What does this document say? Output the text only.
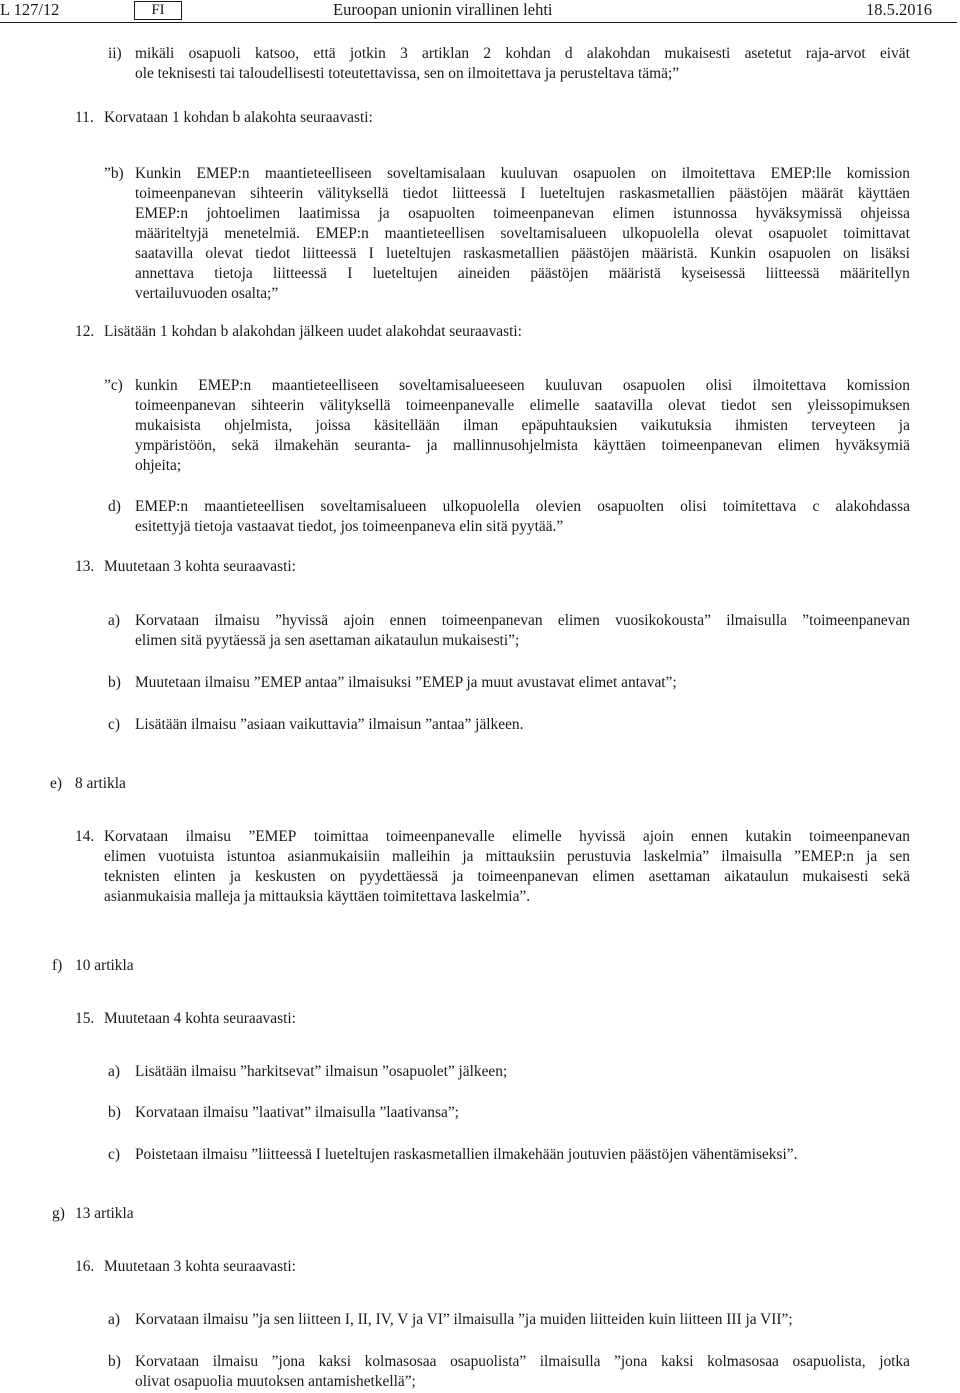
L 127/12	FI	Euroopan unionin virallinen lehti	18.5.2016
ii) mikäli osapuoli katsoo, että jotkin 3 artiklan 2 kohdan d alakohdan mukaisesti asetetut raja-arvot eivät
ole teknisesti tai taloudellisesti toteutettavissa, sen on ilmoitettava ja perusteltava tämä;”
11. Korvataan 1 kohdan b alakohta seuraavasti:
”b) Kunkin EMEP:n maantieteelliseen soveltamisalaan kuuluvan osapuolen on ilmoitettava EMEP:lle komission
toimeenpanevan sihteerin välityksellä tiedot liitteessä I lueteltujen raskasmetallien päästöjen määrät käyttäen
EMEP:n johtoelimen laatimissa ja osapuolten toimeenpanevan elimen istunnossa hyväksymissä ohjeissa
määriteltyjä menetelmiä. EMEP:n maantieteellisen soveltamisalueen ulkopuolella olevat osapuolet toimittavat
saatavilla olevat tiedot liitteessä I lueteltujen raskasmetallien päästöjen määristä. Kunkin osapuolen on lisäksi
annettava tietoja liitteessä I lueteltujen aineiden päästöjen määristä kyseisessä liitteessä määritellyn
vertailuvuoden osalta;”
12. Lisätään 1 kohdan b alakohdan jälkeen uudet alakohdat seuraavasti:
”c) kunkin EMEP:n maantieteelliseen soveltamisalueeseen kuuluvan osapuolen olisi ilmoitettava komission
toimeenpanevan sihteerin välityksellä toimeenpanevalle elimelle saatavilla olevat tiedot sen yleissopimuksen
mukaisista ohjelmista, joissa käsitellään ilman epäpuhtauksien vaikutuksia ihmisten terveyteen ja
ympäristöön, sekä ilmakehän seuranta- ja mallinnusohjelmista käyttäen toimeenpanevan elimen hyväksymiä
ohjeita;
d) EMEP:n maantieteellisen soveltamisalueen ulkopuolella olevien osapuolten olisi toimitettava c alakohdassa
esitettyjä tietoja vastaavat tiedot, jos toimeenpaneva elin sitä pyytää.”
13. Muutetaan 3 kohta seuraavasti:
a) Korvataan ilmaisu ”hyvissä ajoin ennen toimeenpanevan elimen vuosikokousta” ilmaisulla ”toimeenpanevan
elimen sitä pyytäessä ja sen asettaman aikataulun mukaisesti”;
b) Muutetaan ilmaisu ”EMEP antaa” ilmaisuksi ”EMEP ja muut avustavat elimet antavat”;
c) Lisätään ilmaisu ”asiaan vaikuttavia” ilmaisun ”antaa” jälkeen.
e) 8 artikla
14. Korvataan ilmaisu ”EMEP toimittaa toimeenpanevalle elimelle hyvissä ajoin ennen kutakin toimeenpanevan
elimen vuotuista istuntoa asianmukaisiin malleihin ja mittauksiin perustuvia laskelmia” ilmaisulla ”EMEP:n ja sen
teknisten elinten ja keskusten on pyydettäessä ja toimeenpanevan elimen asettaman aikataulun mukaisesti sekä
asianmukaisia malleja ja mittauksia käyttäen toimitettava laskelmia”.
f) 10 artikla
15. Muutetaan 4 kohta seuraavasti:
a) Lisätään ilmaisu ”harkitsevat” ilmaisun ”osapuolet” jälkeen;
b) Korvataan ilmaisu ”laativat” ilmaisulla ”laativansa”;
c) Poistetaan ilmaisu ”liitteessä I lueteltujen raskasmetallien ilmakehään joutuvien päästöjen vähentämiseksi”.
g) 13 artikla
16. Muutetaan 3 kohta seuraavasti:
a) Korvataan ilmaisu ”ja sen liitteen I, II, IV, V ja VI” ilmaisulla ”ja muiden liitteiden kuin liitteen III ja VII”;
b) Korvataan ilmaisu ”jona kaksi kolmasosaa osapuolista” ilmaisulla ”jona kaksi kolmasosaa osapuolista, jotka
olivat osapuolia muutoksen antamishetkellä”;
